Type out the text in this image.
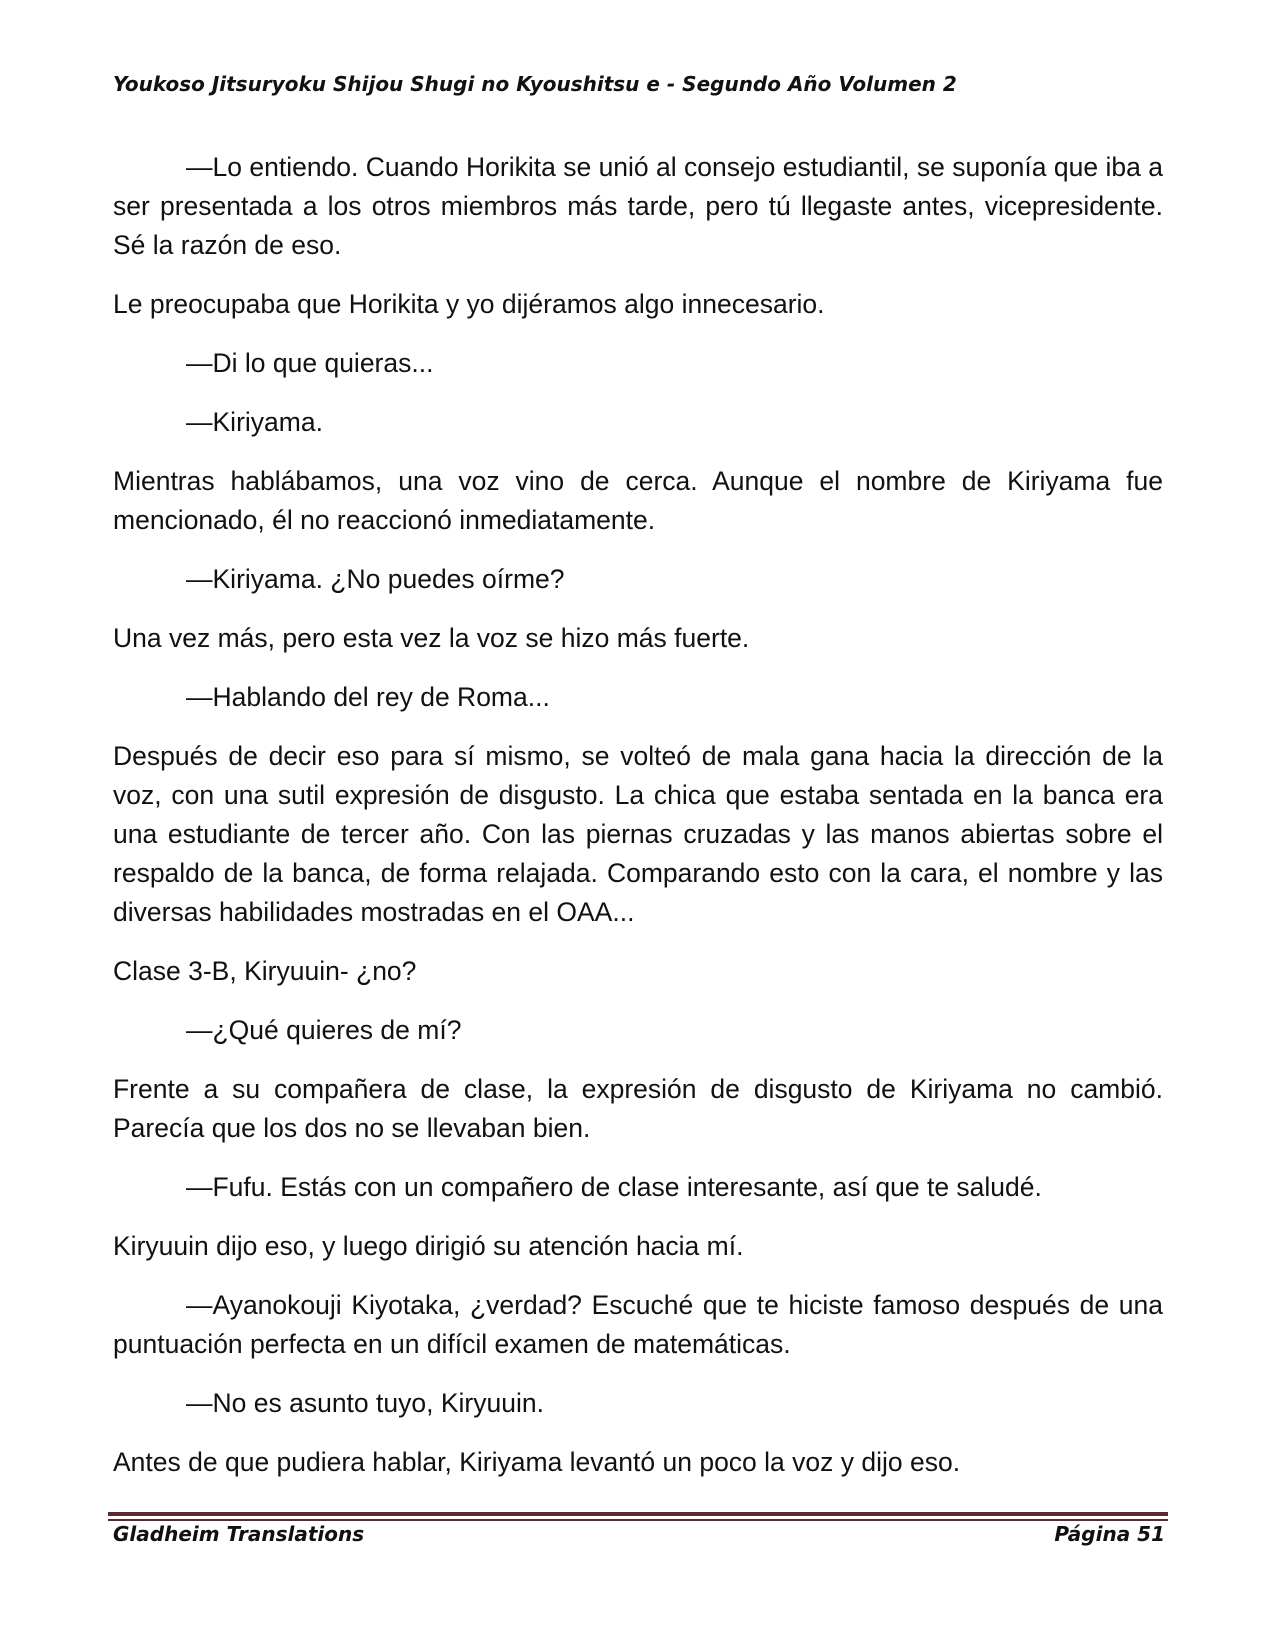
Youkoso Jitsuryoku Shijou Shugi no Kyoushitsu e - Segundo Año Volumen 2

—Lo entiendo. Cuando Horikita se unió al consejo estudiantil, se suponía que iba a ser presentada a los otros miembros más tarde, pero tú llegaste antes, vicepresidente. Sé la razón de eso.

Le preocupaba que Horikita y yo dijéramos algo innecesario.

—Di lo que quieras...

—Kiriyama.

Mientras hablábamos, una voz vino de cerca. Aunque el nombre de Kiriyama fue mencionado, él no reaccionó inmediatamente.

—Kiriyama. ¿No puedes oírme?

Una vez más, pero esta vez la voz se hizo más fuerte.

—Hablando del rey de Roma...

Después de decir eso para sí mismo, se volteó de mala gana hacia la dirección de la voz, con una sutil expresión de disgusto. La chica que estaba sentada en la banca era una estudiante de tercer año. Con las piernas cruzadas y las manos abiertas sobre el respaldo de la banca, de forma relajada. Comparando esto con la cara, el nombre y las diversas habilidades mostradas en el OAA...

Clase 3-B, Kiryuuin- ¿no?

—¿Qué quieres de mí?

Frente a su compañera de clase, la expresión de disgusto de Kiriyama no cambió. Parecía que los dos no se llevaban bien.

—Fufu. Estás con un compañero de clase interesante, así que te saludé.

Kiryuuin dijo eso, y luego dirigió su atención hacia mí.

—Ayanokouji Kiyotaka, ¿verdad? Escuché que te hiciste famoso después de una puntuación perfecta en un difícil examen de matemáticas.

—No es asunto tuyo, Kiryuuin.

Antes de que pudiera hablar, Kiriyama levantó un poco la voz y dijo eso.

Gladheim Translations	Página 51
